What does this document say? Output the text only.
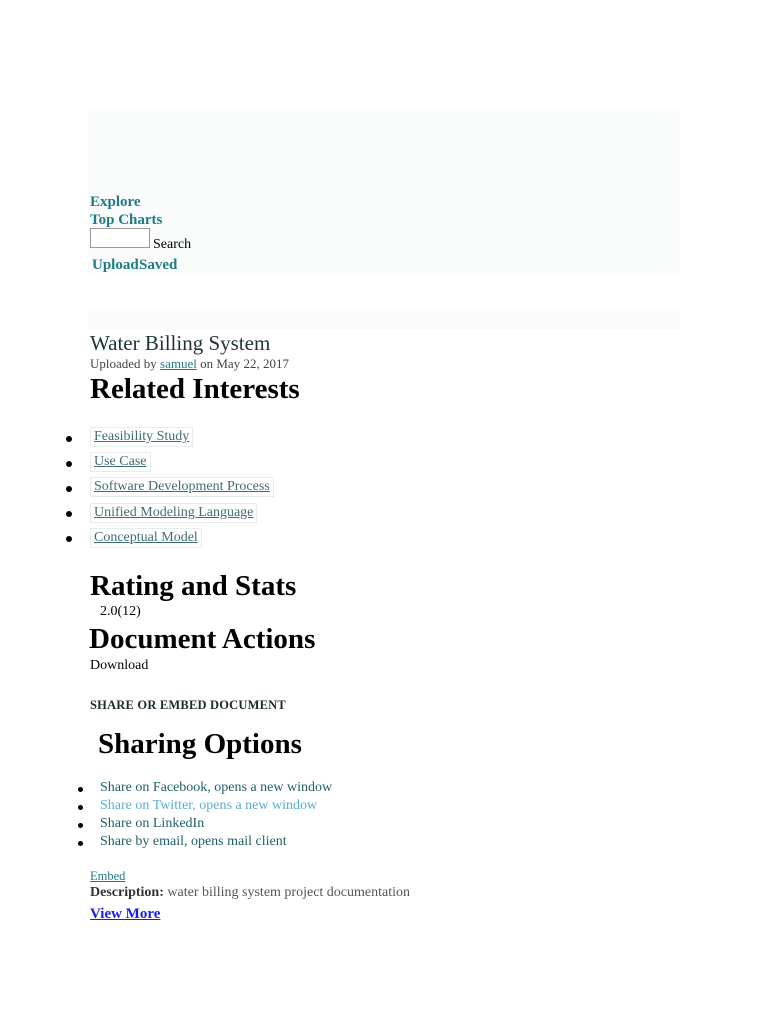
Explore
Top Charts
Search
Upload Saved
Water Billing System
Uploaded by samuel on May 22, 2017
Related Interests
Feasibility Study
Use Case
Software Development Process
Unified Modeling Language
Conceptual Model
Rating and Stats
2.0(12)
Document Actions
Download
SHARE OR EMBED DOCUMENT
Sharing Options
Share on Facebook, opens a new window
Share on Twitter, opens a new window
Share on LinkedIn
Share by email, opens mail client
Embed
Description: water billing system project documentation
View More
